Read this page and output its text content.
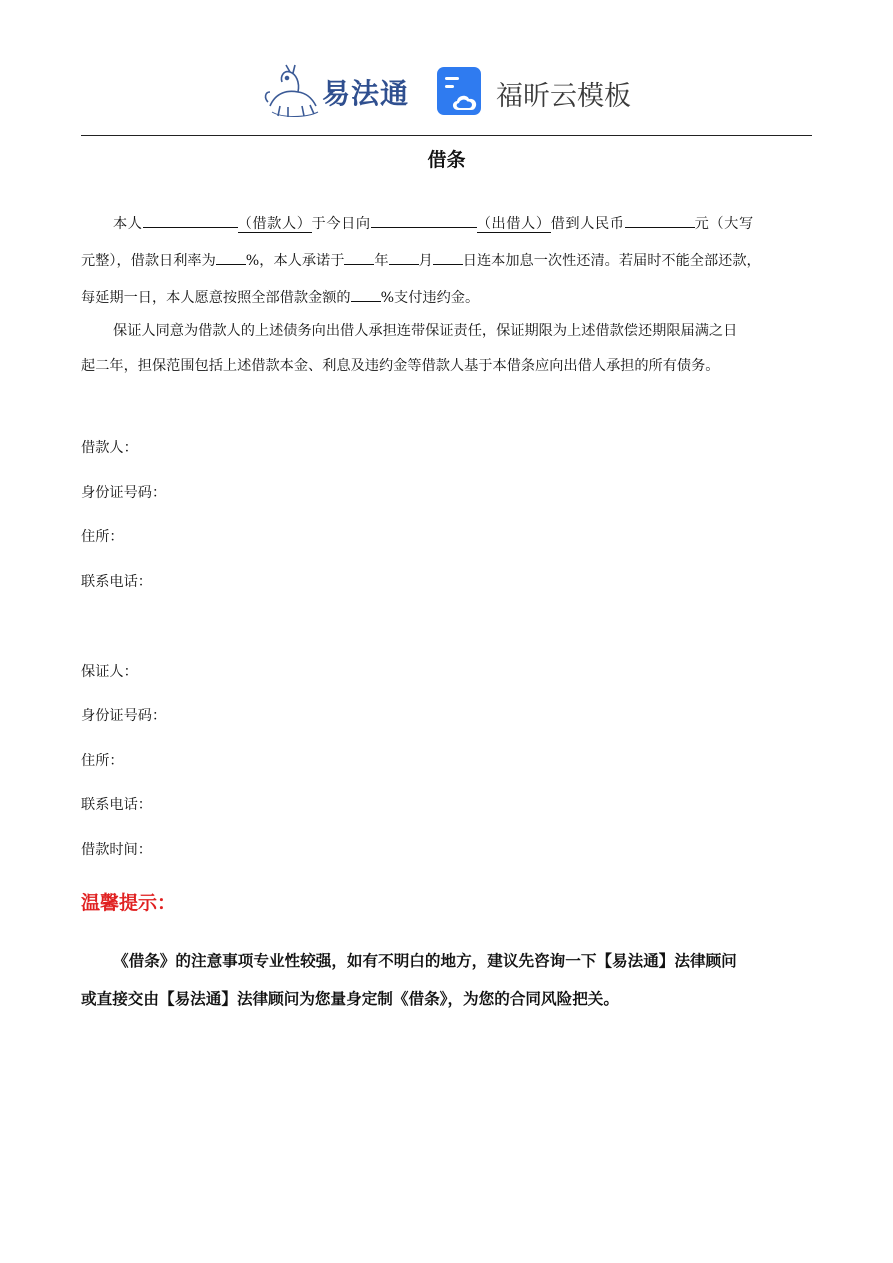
易法通	福昕云模板
借条
本人	（借款人）于今日向	（出借人）借到人民币	元（大写
元整），借款日利率为 %，本人承诺于 年 月 日连本加息一次性还清。若届时不能全部还款，
每延期一日，本人愿意按照全部借款金额的 %支付违约金。
保证人同意为借款人的上述债务向出借人承担连带保证责任，保证期限为上述借款偿还期限届满之日
起二年，担保范围包括上述借款本金、利息及违约金等借款人基于本借条应向出借人承担的所有债务。
借款人：
身份证号码：
住所：
联系电话：
保证人：
身份证号码：
住所：
联系电话：
借款时间：
温馨提示：
《借条》的注意事项专业性较强，如有不明白的地方，建议先咨询一下【易法通】法律顾问
或直接交由【易法通】法律顾问为您量身定制《借条》，为您的合同风险把关。
